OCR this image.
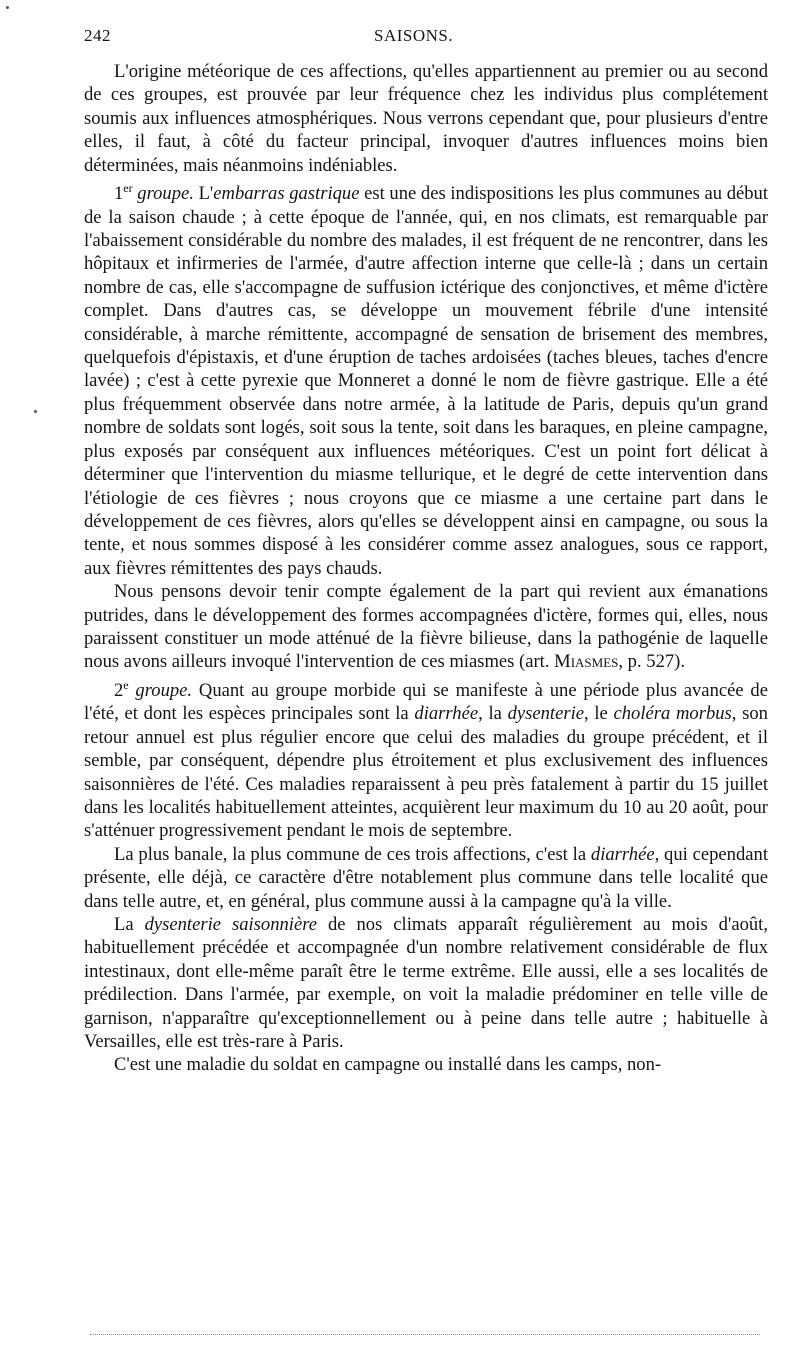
242	SAISONS.

L'origine météorique de ces affections, qu'elles appartiennent au premier ou au second de ces groupes, est prouvée par leur fréquence chez les individus plus complétement soumis aux influences atmosphériques. Nous verrons cependant que, pour plusieurs d'entre elles, il faut, à côté du facteur principal, invoquer d'autres influences moins bien déterminées, mais néanmoins indéniables.

1er groupe. L'embarras gastrique est une des indispositions les plus communes au début de la saison chaude ; à cette époque de l'année, qui, en nos climats, est remarquable par l'abaissement considérable du nombre des malades, il est fréquent de ne rencontrer, dans les hôpitaux et infirmeries de l'armée, d'autre affection interne que celle-là ; dans un certain nombre de cas, elle s'accompagne de suffusion ictérique des conjonctives, et même d'ictère complet. Dans d'autres cas, se développe un mouvement fébrile d'une intensité considérable, à marche rémittente, accompagné de sensation de brisement des membres, quelquefois d'épistaxis, et d'une éruption de taches ardoisées (taches bleues, taches d'encre lavée) ; c'est à cette pyrexie que Monneret a donné le nom de fièvre gastrique. Elle a été plus fréquemment observée dans notre armée, à la latitude de Paris, depuis qu'un grand nombre de soldats sont logés, soit sous la tente, soit dans les baraques, en pleine campagne, plus exposés par conséquent aux influences météoriques. C'est un point fort délicat à déterminer que l'intervention du miasme tellurique, et le degré de cette intervention dans l'étiologie de ces fièvres ; nous croyons que ce miasme a une certaine part dans le développement de ces fièvres, alors qu'elles se développent ainsi en campagne, ou sous la tente, et nous sommes disposé à les considérer comme assez analogues, sous ce rapport, aux fièvres rémittentes des pays chauds.

Nous pensons devoir tenir compte également de la part qui revient aux émanations putrides, dans le développement des formes accompagnées d'ictère, formes qui, elles, nous paraissent constituer un mode atténué de la fièvre bilieuse, dans la pathogénie de laquelle nous avons ailleurs invoqué l'intervention de ces miasmes (art. Miasmes, p. 527).

2e groupe. Quant au groupe morbide qui se manifeste à une période plus avancée de l'été, et dont les espèces principales sont la diarrhée, la dysenterie, le choléra morbus, son retour annuel est plus régulier encore que celui des maladies du groupe précédent, et il semble, par conséquent, dépendre plus étroitement et plus exclusivement des influences saisonnières de l'été. Ces maladies reparaissent à peu près fatalement à partir du 15 juillet dans les localités habituellement atteintes, acquièrent leur maximum du 10 au 20 août, pour s'atténuer progressivement pendant le mois de septembre.

La plus banale, la plus commune de ces trois affections, c'est la diarrhée, qui cependant présente, elle déjà, ce caractère d'être notablement plus commune dans telle localité que dans telle autre, et, en général, plus commune aussi à la campagne qu'à la ville.

La dysenterie saisonnière de nos climats apparaît régulièrement au mois d'août, habituellement précédée et accompagnée d'un nombre relativement considérable de flux intestinaux, dont elle-même paraît être le terme extrême. Elle aussi, elle a ses localités de prédilection. Dans l'armée, par exemple, on voit la maladie prédominer en telle ville de garnison, n'apparaître qu'exceptionnellement ou à peine dans telle autre ; habituelle à Versailles, elle est très-rare à Paris.

C'est une maladie du soldat en campagne ou installé dans les camps, non-
